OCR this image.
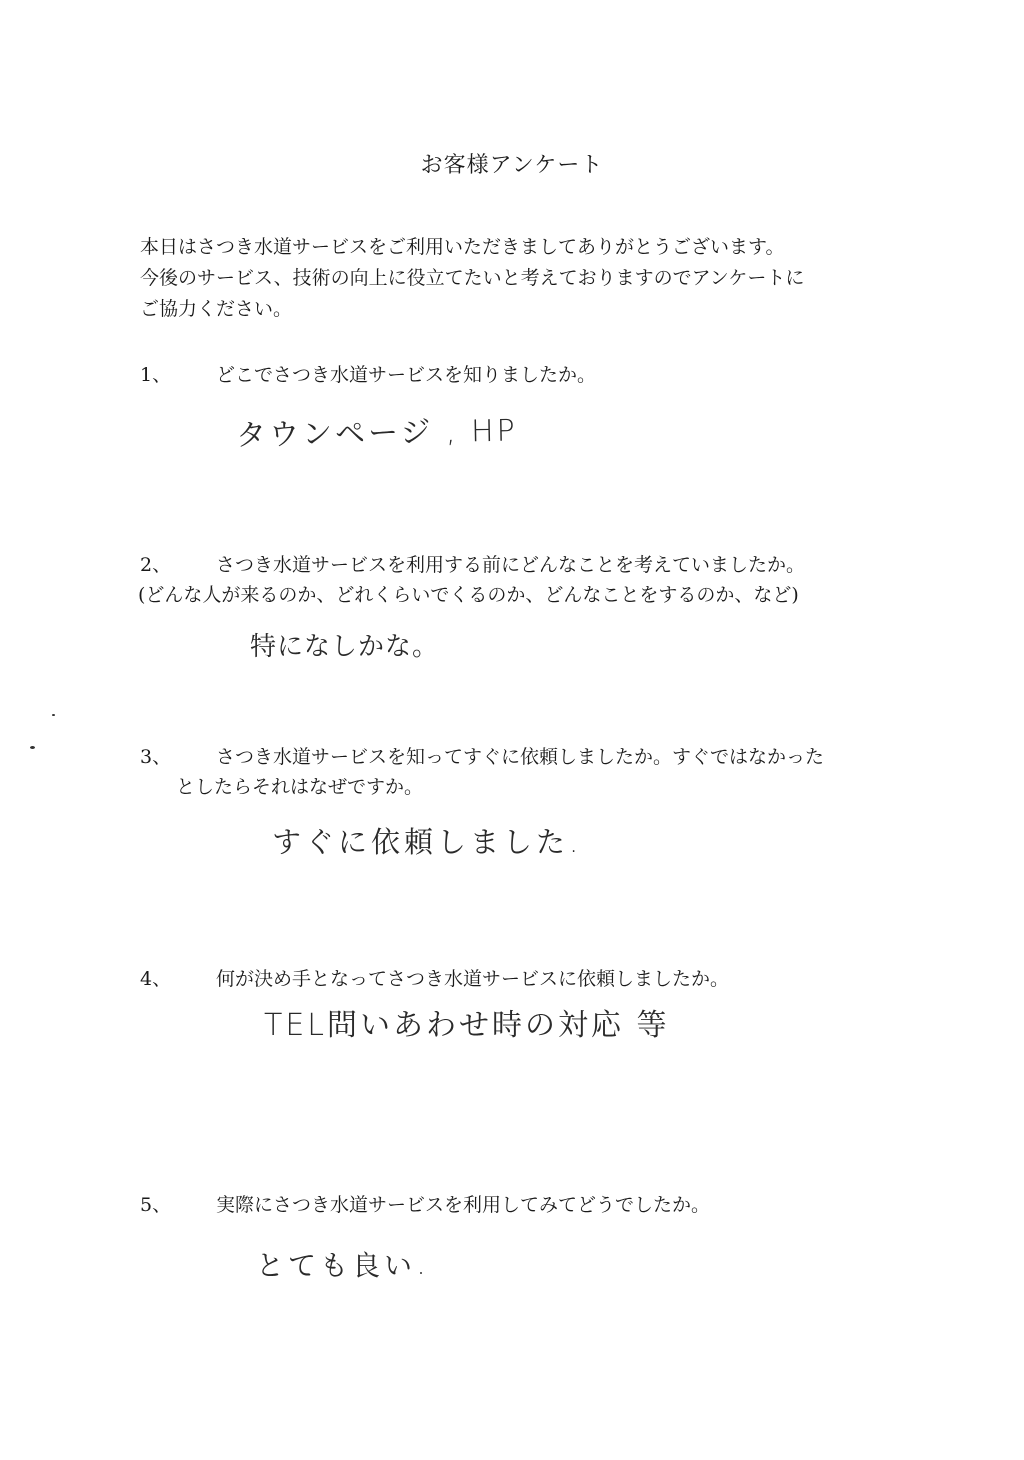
お客様アンケート
本日はさつき水道サービスをご利用いただきましてありがとうございます。
今後のサービス、技術の向上に役立てたいと考えておりますのでアンケートに
ご協力ください。
1、 どこでさつき水道サービスを知りましたか。
タウンページ , HP
2、 さつき水道サービスを利用する前にどんなことを考えていましたか。
(どんな人が来るのか、どれくらいでくるのか、どんなことをするのか、など)
特になしかな。
3、 さつき水道サービスを知ってすぐに依頼しましたか。すぐではなかった
としたらそれはなぜですか。
すぐに依頼しました.
4、 何が決め手となってさつき水道サービスに依頼しましたか。
TEL問いあわせ時の対応 等
5、 実際にさつき水道サービスを利用してみてどうでしたか。
とても良い
